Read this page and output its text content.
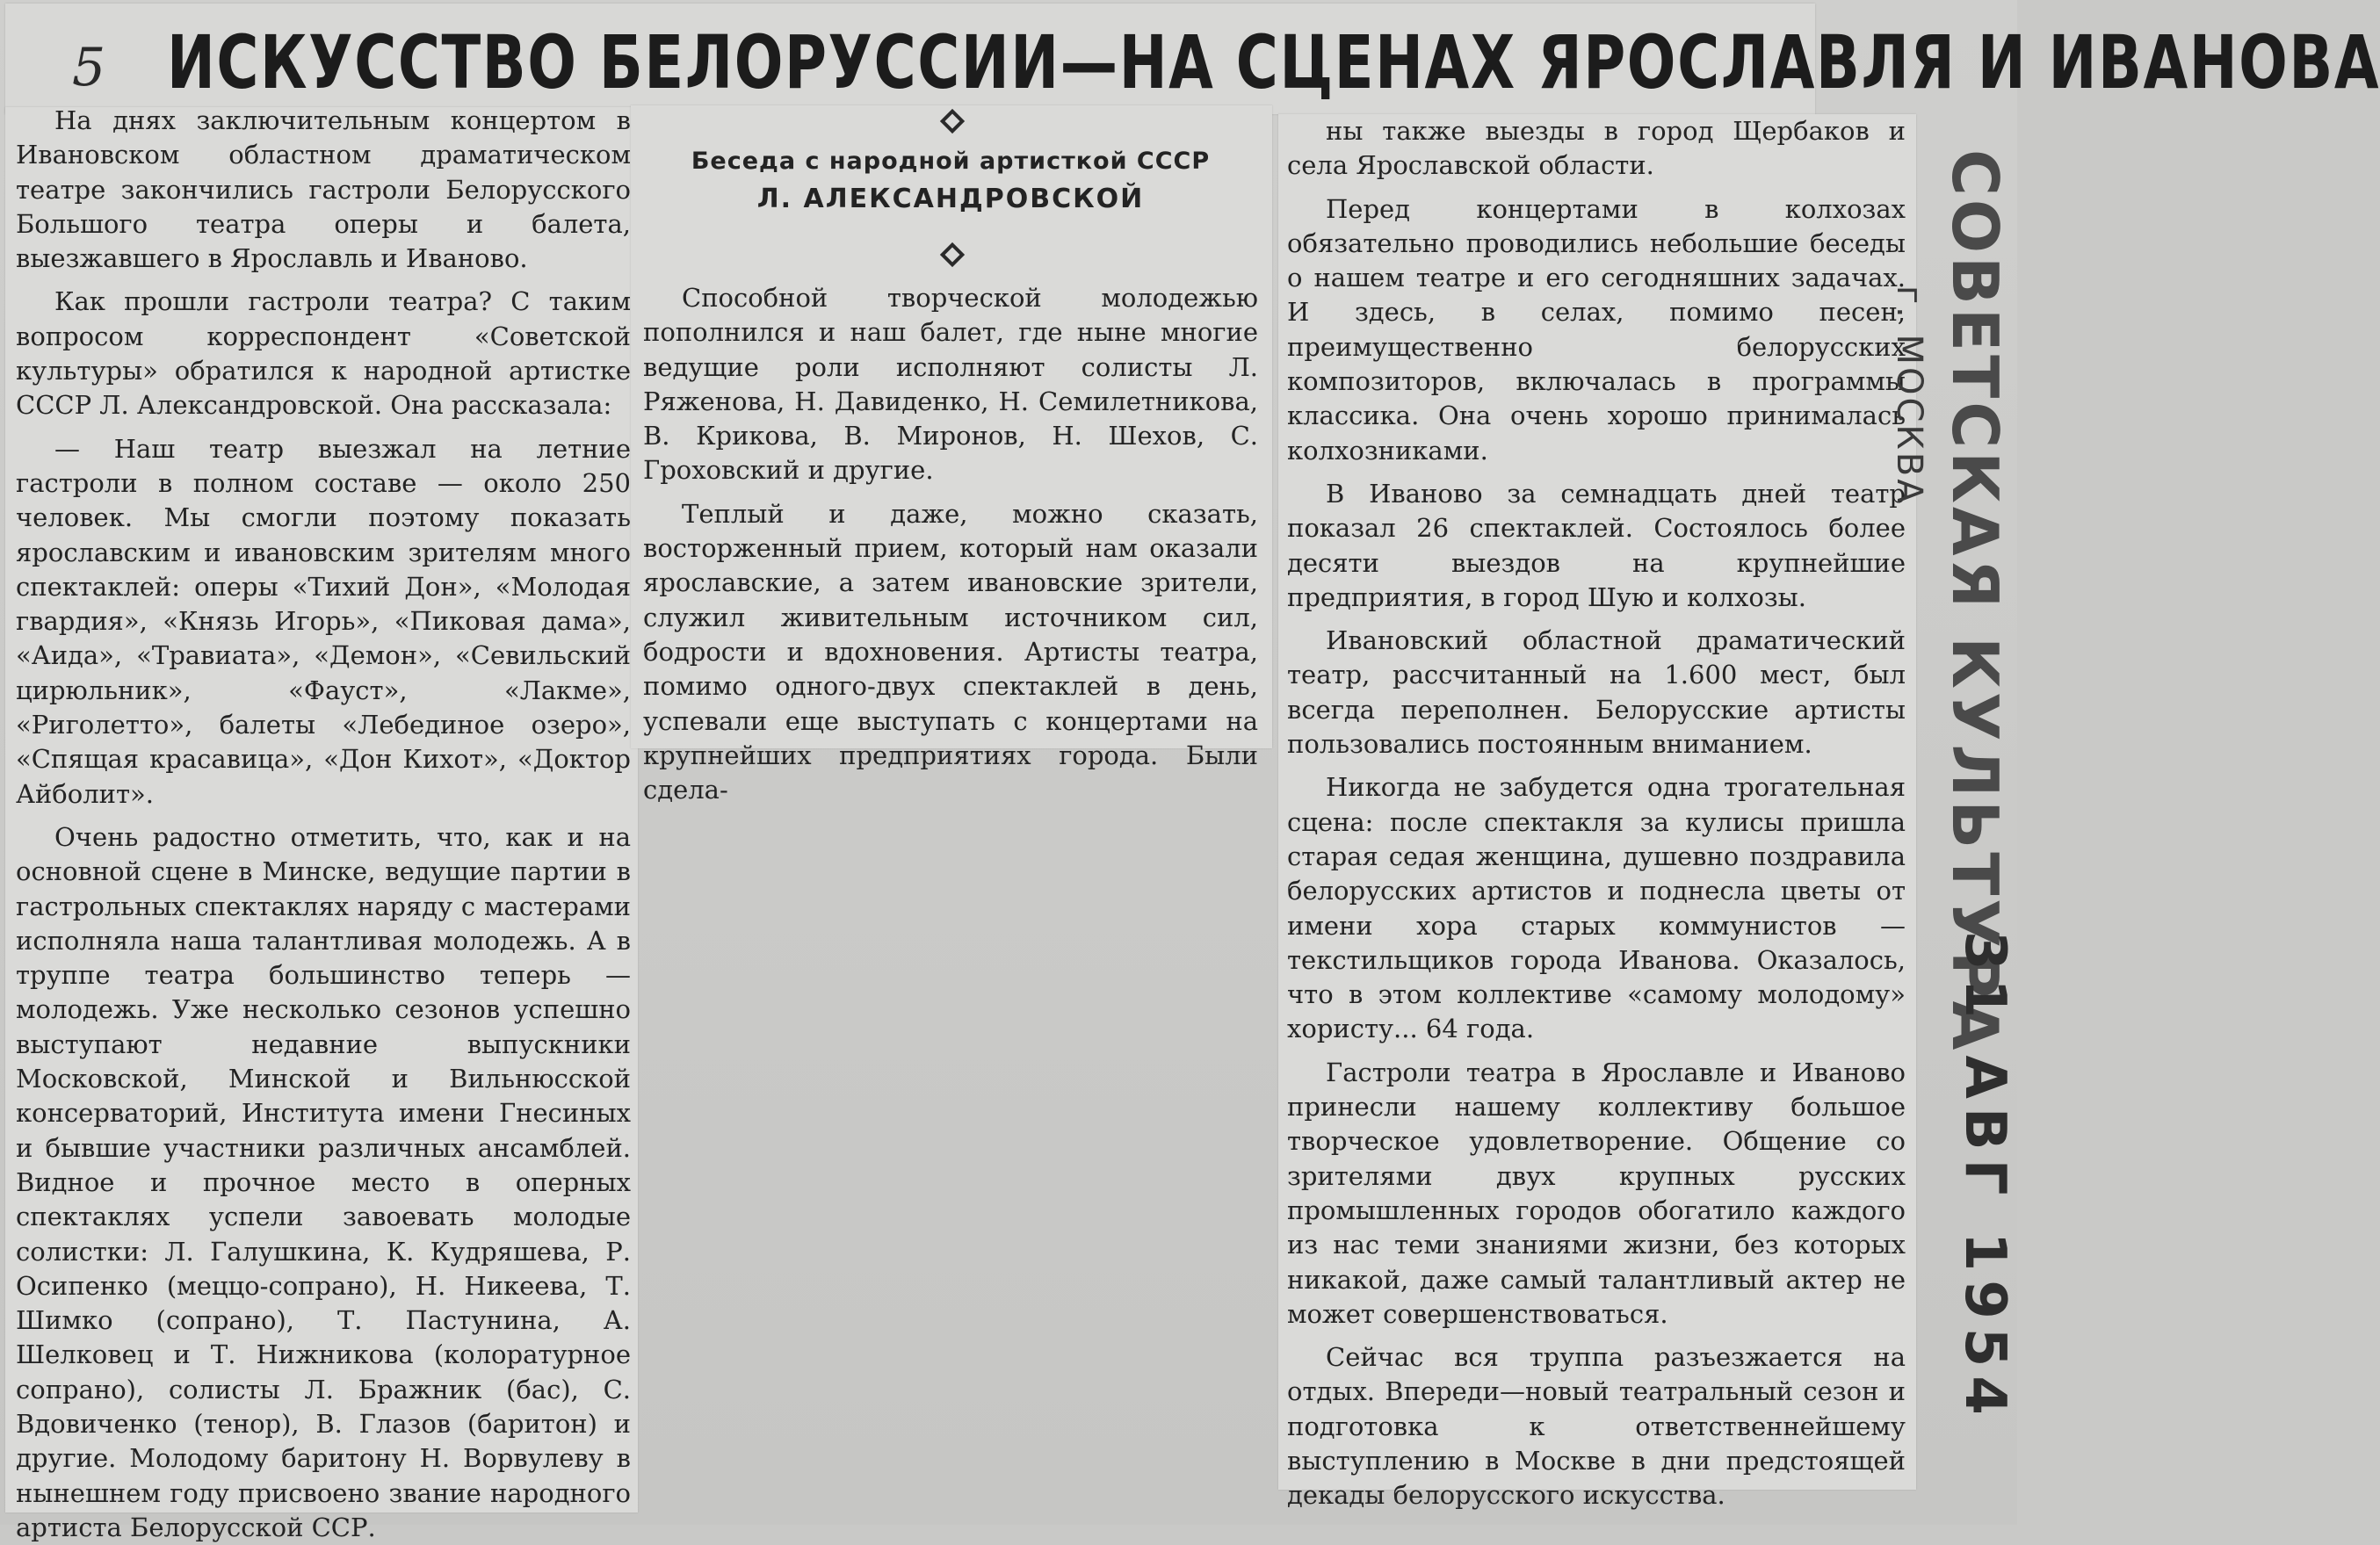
5 ИСКУССТВО БЕЛОРУССИИ—НА СЦЕНАХ ЯРОСЛАВЛЯ И ИВАНОВА
Беседа с народной артисткой СССР
Л. АЛЕКСАНДРОВСКОЙ

На днях заключительным концертом в Ивановском областном драматическом театре закончились гастроли Белорусского Большого театра оперы и балета, выезжавшего в Ярославль и Иваново.

Как прошли гастроли театра? С таким вопросом корреспондент «Советской культуры» обратился к народной артистке СССР Л. Александровской. Она рассказала:

— Наш театр выезжал на летние гастроли в полном составе — около 250 человек. Мы смогли поэтому показать ярославским и ивановским зрителям много спектаклей: оперы «Тихий Дон», «Молодая гвардия», «Князь Игорь», «Пиковая дама», «Аида», «Травиата», «Демон», «Севильский цирюльник», «Фауст», «Лакме», «Риголетто», балеты «Лебединое озеро», «Спящая красавица», «Дон Кихот», «Доктор Айболит».

Очень радостно отметить, что, как и на основной сцене в Минске, ведущие партии в гастрольных спектаклях наряду с мастерами исполняла наша талантливая молодежь. А в труппе театра большинство теперь — молодежь. Уже несколько сезонов успешно выступают недавние выпускники Московской, Минской и Вильнюсской консерваторий, Института имени Гнесиных и бывшие участники различных ансамблей. Видное и прочное место в оперных спектаклях успели завоевать молодые солистки: Л. Галушкина, К. Кудряшева, Р. Осипенко (меццо-сопрано), Н. Никеева, Т. Шимко (сопрано), Т. Пастунина, А. Шелковец и Т. Нижникова (колоратурное сопрано), солисты Л. Бражник (бас), С. Вдовиченко (тенор), В. Глазов (баритон) и другие. Молодому баритону Н. Ворвулеву в нынешнем году присвоено звание народного артиста Белорусской ССР.

Способной творческой молодежью пополнился и наш балет, где ныне многие ведущие роли исполняют солисты Л. Ряженова, Н. Давиденко, Н. Семилетникова, В. Крикова, В. Миронов, Н. Шехов, С. Гроховский и другие.

Теплый и даже, можно сказать, восторженный прием, который нам оказали ярославские, а затем ивановские зрители, служил живительным источником сил, бодрости и вдохновения. Артисты театра, помимо одного-двух спектаклей в день, успевали еще выступать с концертами на крупнейших предприятиях города. Были сдела-

ны также выезды в город Щербаков и села Ярославской области.

Перед концертами в колхозах обязательно проводились небольшие беседы о нашем театре и его сегодняшних задачах. И здесь, в селах, помимо песен, преимущественно белорусских композиторов, включалась в программы классика. Она очень хорошо принималась колхозниками.

В Иваново за семнадцать дней театр показал 26 спектаклей. Состоялось более десяти выездов на крупнейшие предприятия, в город Шую и колхозы.

Ивановский областной драматический театр, рассчитанный на 1.600 мест, был всегда переполнен. Белорусские артисты пользовались постоянным вниманием.

Никогда не забудется одна трогательная сцена: после спектакля за кулисы пришла старая седая женщина, душевно поздравила белорусских артистов и поднесла цветы от имени хора старых коммунистов — текстильщиков города Иванова. Оказалось, что в этом коллективе «самому молодому» хористу... 64 года.

Гастроли театра в Ярославле и Иваново принесли нашему коллективу большое творческое удовлетворение. Общение со зрителями двух крупных русских промышленных городов обогатило каждого из нас теми знаниями жизни, без которых никакой, даже самый талантливый актер не может совершенствоваться.

Сейчас вся труппа разъезжается на отдых. Впереди—новый театральный сезон и подготовка к ответственнейшему выступлению в Москве в дни предстоящей декады белорусского искусства.

СОВЕТСКАЯ КУЛЬТУРА
г. МОСКВА
31 АВГ 1954
